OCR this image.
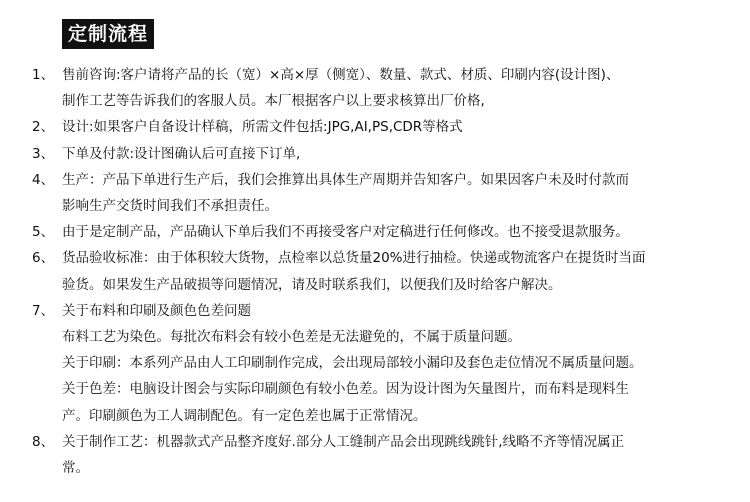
定制流程
1、 售前咨询:客户请将产品的长（宽）×高×厚（侧宽）、数量、款式、材质、印刷内容(设计图)、
制作工艺等告诉我们的客服人员。本厂根据客户以上要求核算出厂价格,
2、 设计:如果客户自备设计样稿，所需文件包括:JPG,AI,PS,CDR等格式
3、 下单及付款:设计图确认后可直接下订单,
4、 生产：产品下单进行生产后，我们会推算出具体生产周期并告知客户。如果因客户未及时付款而
影响生产交货时间我们不承担责任。
5、 由于是定制产品，产品确认下单后我们不再接受客户对定稿进行任何修改。也不接受退款服务。
6、 货品验收标准：由于体积较大货物，点检率以总货量20%进行抽检。快递或物流客户在提货时当面
验货。如果发生产品破损等问题情况，请及时联系我们，以便我们及时给客户解决。
7、 关于布料和印刷及颜色色差问题
布料工艺为染色。每批次布料会有较小色差是无法避免的，不属于质量问题。
关于印刷：本系列产品由人工印刷制作完成，会出现局部较小漏印及套色走位情况不属质量问题。
关于色差：电脑设计图会与实际印刷颜色有较小色差。因为设计图为矢量图片，而布料是现料生
产。印刷颜色为工人调制配色。有一定色差也属于正常情况。
8、 关于制作工艺：机器款式产品整齐度好.部分人工缝制产品会出现跳线跳针,线略不齐等情况属正
常。
